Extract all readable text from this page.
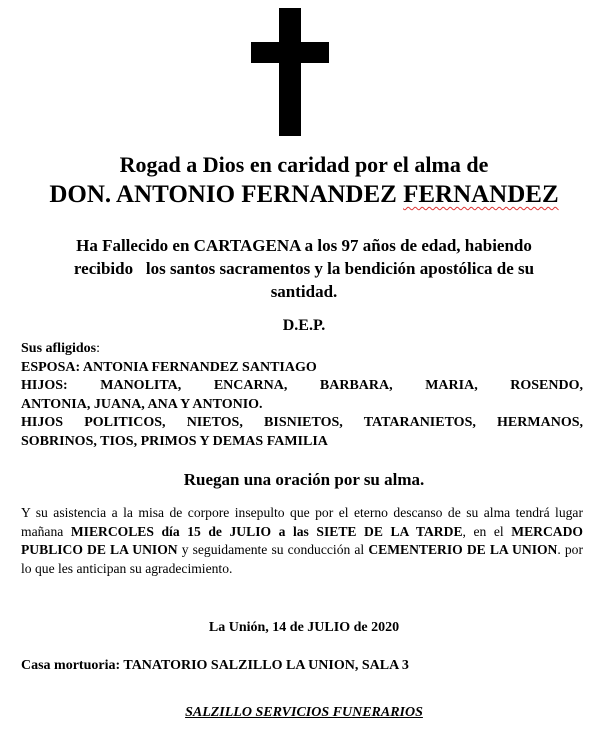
Rogad a Dios en caridad por el alma de
DON. ANTONIO FERNANDEZ FERNANDEZ
Ha Fallecido en CARTAGENA a los 97 años de edad, habiendo
recibido   los santos sacramentos y la bendición apostólica de su
santidad.
D.E.P.
Sus afligidos:
ESPOSA: ANTONIA FERNANDEZ SANTIAGO
HIJOS: MANOLITA, ENCARNA, BARBARA, MARIA, ROSENDO,
ANTONIA, JUANA, ANA Y ANTONIO.
HIJOS POLITICOS, NIETOS, BISNIETOS, TATARANIETOS, HERMANOS,
SOBRINOS, TIOS, PRIMOS Y DEMAS FAMILIA
Ruegan una oración por su alma.
Y su asistencia a la misa de corpore insepulto que por el eterno descanso de su alma tendrá lugar mañana MIERCOLES día 15 de JULIO a las SIETE DE LA TARDE, en el MERCADO PUBLICO DE LA UNION y seguidamente su conducción al CEMENTERIO DE LA UNION. por lo que les anticipan su agradecimiento.
La Unión, 14 de JULIO de 2020
Casa mortuoria: TANATORIO SALZILLO LA UNION, SALA 3
SALZILLO SERVICIOS FUNERARIOS
